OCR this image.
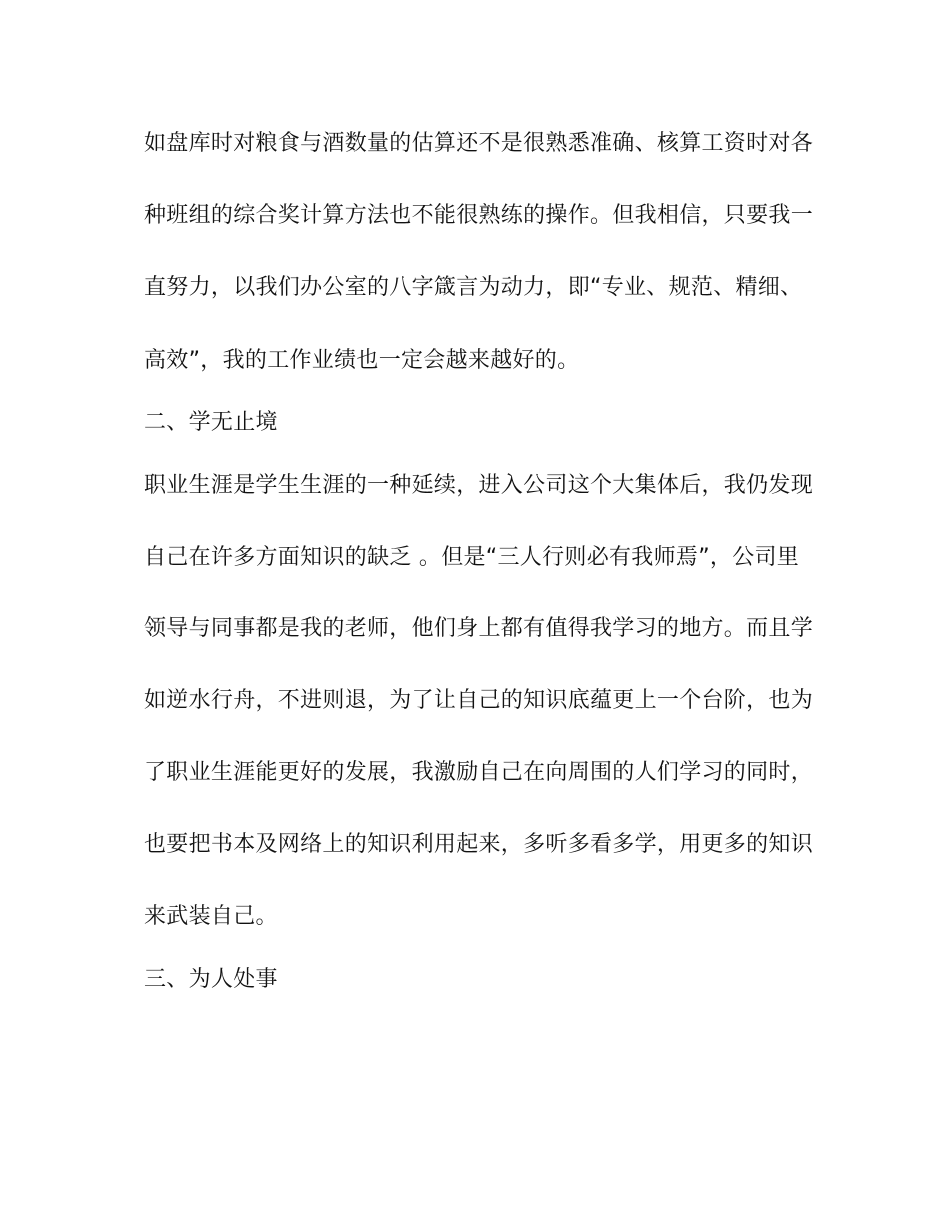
如盘库时对粮食与酒数量的估算还不是很熟悉准确、核算工资时对各
种班组的综合奖计算方法也不能很熟练的操作。但我相信，只要我一
直努力，以我们办公室的八字箴言为动力，即“专业、规范、精细、
高效”，我的工作业绩也一定会越来越好的。
二、学无止境
职业生涯是学生生涯的一种延续，进入公司这个大集体后，我仍发现
自己在许多方面知识的缺乏 。但是“三人行则必有我师焉”，公司里
领导与同事都是我的老师，他们身上都有值得我学习的地方。而且学
如逆水行舟，不进则退，为了让自己的知识底蕴更上一个台阶，也为
了职业生涯能更好的发展，我激励自己在向周围的人们学习的同时，
也要把书本及网络上的知识利用起来，多听多看多学，用更多的知识
来武装自己。
三、为人处事
